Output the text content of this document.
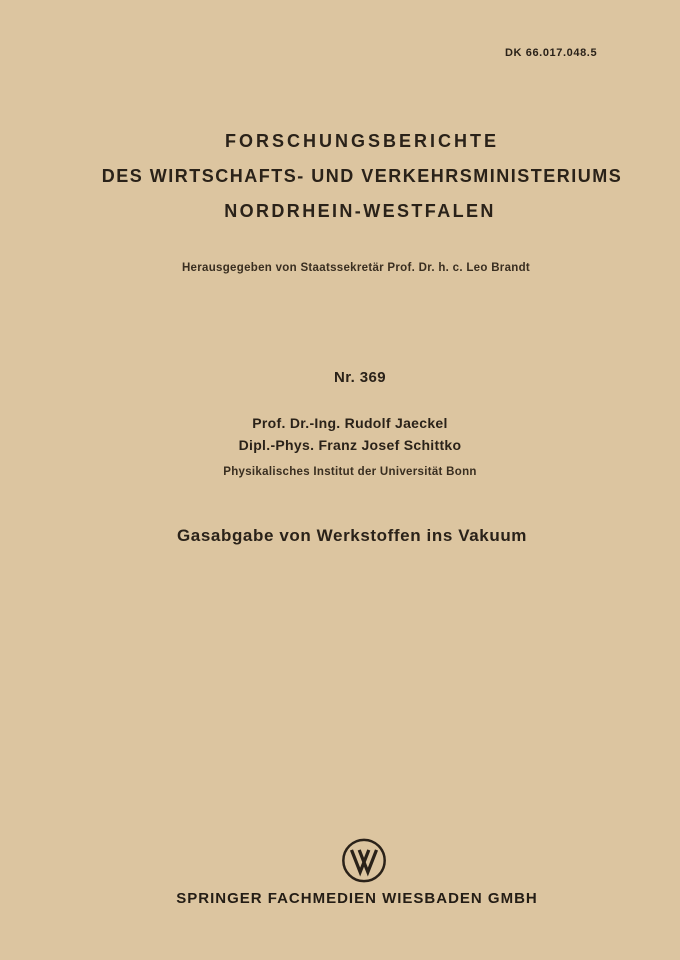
DK 66.017.048.5
FORSCHUNGSBERICHTE
DES WIRTSCHAFTS- UND VERKEHRSMINISTERIUMS
NORDRHEIN-WESTFALEN
Herausgegeben von Staatssekretär Prof. Dr. h. c. Leo Brandt
Nr. 369
Prof. Dr.-Ing. Rudolf Jaeckel
Dipl.-Phys. Franz Josef Schittko
Physikalisches Institut der Universität Bonn
Gasabgabe von Werkstoffen ins Vakuum
SPRINGER FACHMEDIEN WIESBADEN GMBH
